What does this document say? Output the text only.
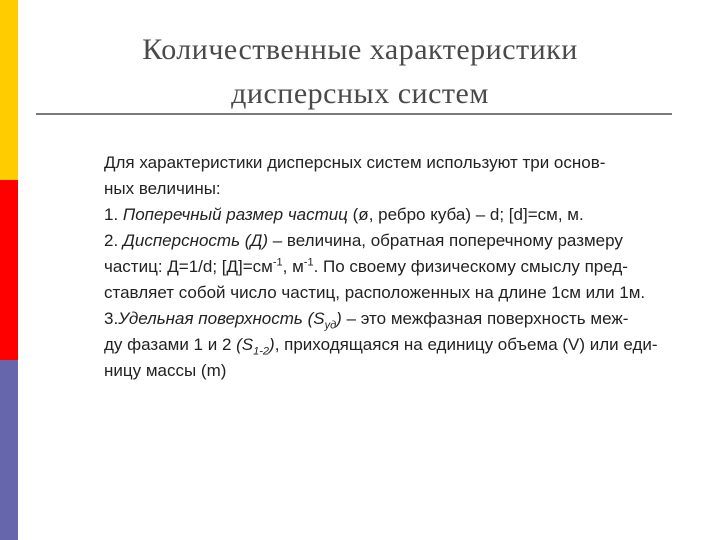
Количественные характеристики
дисперсных систем
Для характеристики дисперсных систем используют три основ-
ных величины:
1. Поперечный размер частиц (ø, ребро куба) – d; [d]=см, м.
2. Дисперсность (Д) – величина, обратная поперечному размеру
частиц: Д=1/d; $[Д]=см^{-1}$, $м^{-1}$. По своему физическому смыслу пред-
ставляет собой число частиц, расположенных на длине 1см или 1м.
3.Удельная поверхность $(S_{уд})$ – это межфазная поверхность меж-
ду фазами 1 и 2 $(S_{1-2})$, приходящаяся на единицу объема (V) или еди-
ницу массы (m)
